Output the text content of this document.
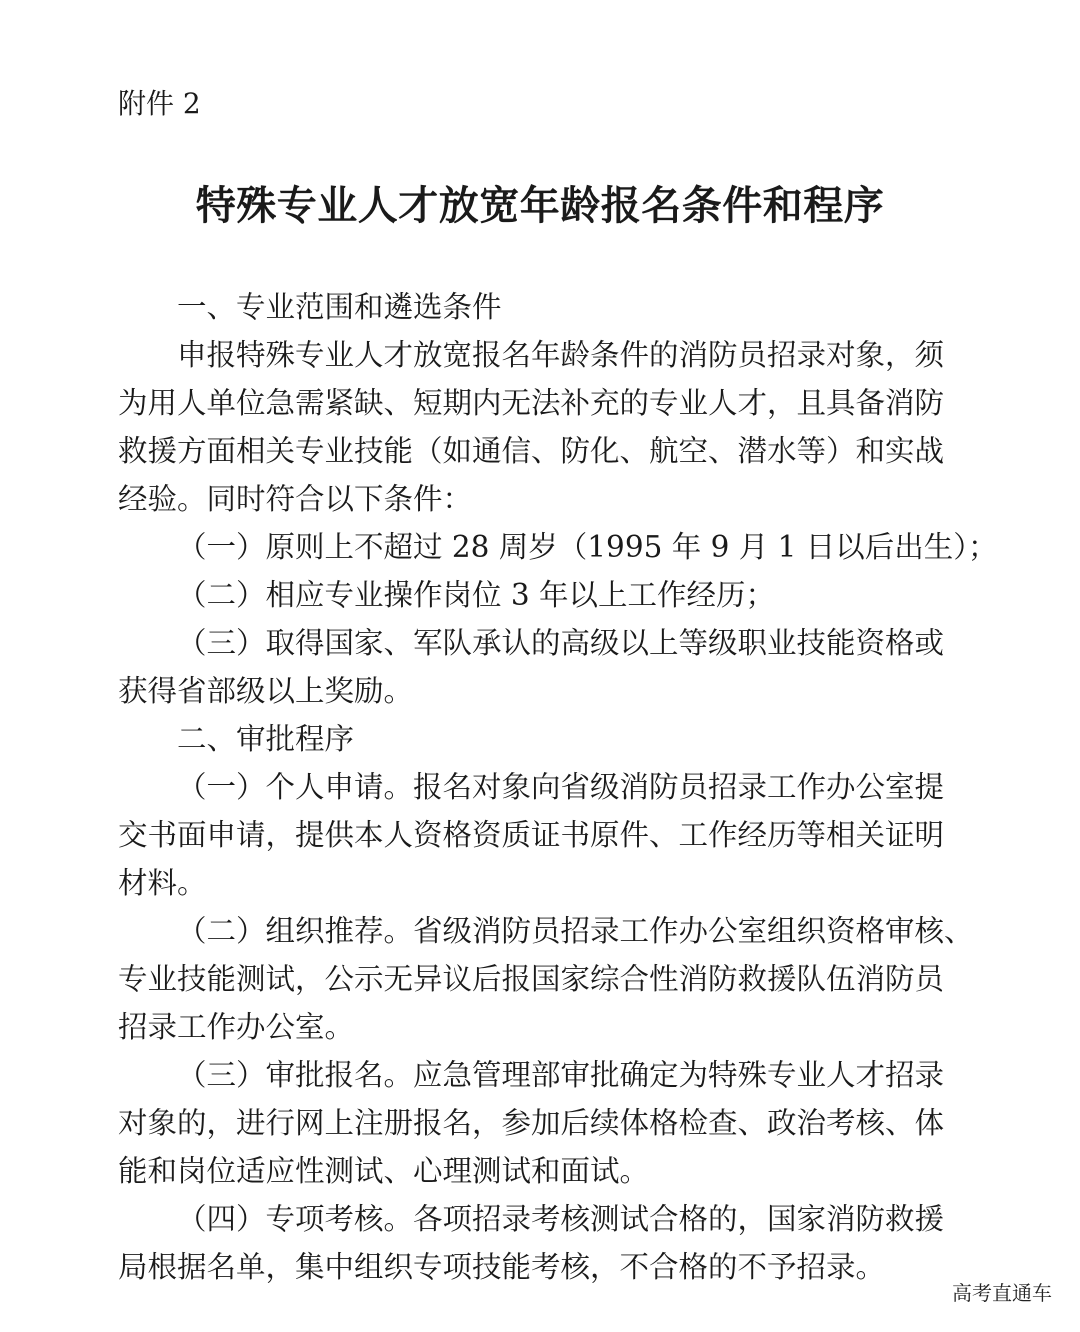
附件 2
特殊专业人才放宽年龄报名条件和程序
一、专业范围和遴选条件
申报特殊专业人才放宽报名年龄条件的消防员招录对象，须
为用人单位急需紧缺、短期内无法补充的专业人才，且具备消防
救援方面相关专业技能（如通信、防化、航空、潜水等）和实战
经验。同时符合以下条件：
（一）原则上不超过 28 周岁（1995 年 9 月 1 日以后出生）；
（二）相应专业操作岗位 3 年以上工作经历；
（三）取得国家、军队承认的高级以上等级职业技能资格或
获得省部级以上奖励。
二、审批程序
（一）个人申请。报名对象向省级消防员招录工作办公室提
交书面申请，提供本人资格资质证书原件、工作经历等相关证明
材料。
（二）组织推荐。省级消防员招录工作办公室组织资格审核、
专业技能测试，公示无异议后报国家综合性消防救援队伍消防员
招录工作办公室。
（三）审批报名。应急管理部审批确定为特殊专业人才招录
对象的，进行网上注册报名，参加后续体格检查、政治考核、体
能和岗位适应性测试、心理测试和面试。
（四）专项考核。各项招录考核测试合格的，国家消防救援
局根据名单，集中组织专项技能考核，不合格的不予招录。
高考直通车
